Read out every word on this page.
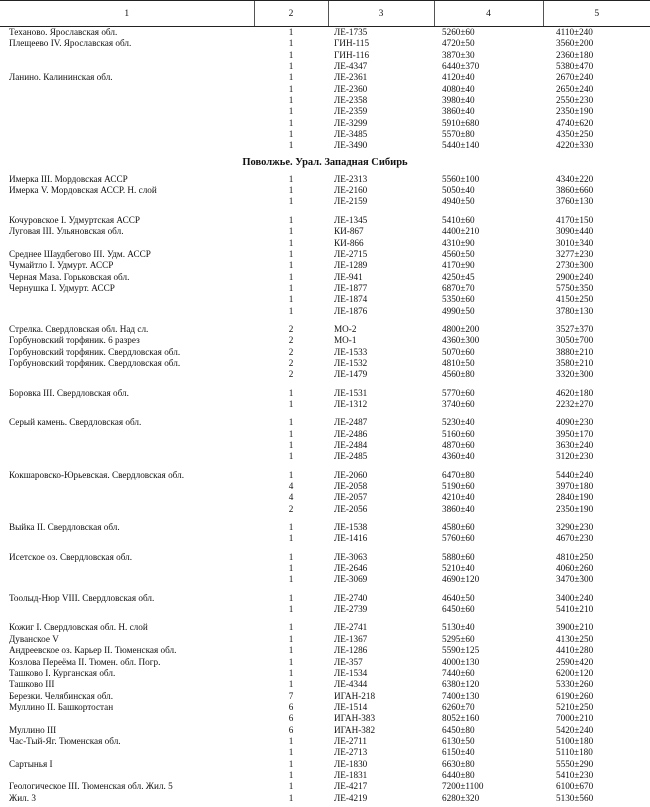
1	2	3	4	5
Теханово. Ярославская обл.	1	ЛЕ-1735	5260±60	4110±240
Плещеево IV. Ярославская обл.	1	ГИН-115	4720±50	3560±200
	1	ГИН-116	3870±30	2360±180
	1	ЛЕ-4347	6440±370	5380±470
Ланино. Калининская обл.	1	ЛЕ-2361	4120±40	2670±240
	1	ЛЕ-2360	4080±40	2650±240
	1	ЛЕ-2358	3980±40	2550±230
	1	ЛЕ-2359	3860±40	2350±190
	1	ЛЕ-3299	5910±680	4740±620
	1	ЛЕ-3485	5570±80	4350±250
	1	ЛЕ-3490	5440±140	4220±330
Поволжье. Урал. Западная Сибирь				
Имерка III. Мордовская АССР	1	ЛЕ-2313	5560±100	4340±220
Имерка V. Мордовская АССР. Н. слой	1	ЛЕ-2160	5050±40	3860±660
	1	ЛЕ-2159	4940±50	3760±130

Кочуровское I. Удмуртская АССР	1	ЛЕ-1345	5410±60	4170±150
Луговая III. Ульяновская обл.	1	КИ-867	4400±210	3090±440
	1	КИ-866	4310±90	3010±340
Среднее Шаудбегово III. Удм. АССР	1	ЛЕ-2715	4560±50	3277±230
Чумайтло I. Удмурт. АССР	1	ЛЕ-1289	4170±90	2730±300
Черная Маза. Горьковская обл.	1	ЛЕ-941	4250±45	2900±240
Чернушка I. Удмурт. АССР	1	ЛЕ-1877	6870±70	5750±350
	1	ЛЕ-1874	5350±60	4150±250
	1	ЛЕ-1876	4990±50	3780±130

Стрелка. Свердловская обл. Над сл.	2	МО-2	4800±200	3527±370
Горбуновский торфяник. 6 разрез	2	МО-1	4360±300	3050±700
Горбуновский торфяник. Свердловская обл.	2	ЛЕ-1533	5070±60	3880±210
Горбуновский торфяник. Свердловская обл.	2	ЛЕ-1532	4810±50	3580±210
	2	ЛЕ-1479	4560±80	3320±300

Боровка III. Свердловская обл.	1	ЛЕ-1531	5770±60	4620±180
	1	ЛЕ-1312	3740±60	2232±270

Серый камень. Свердловская обл.	1	ЛЕ-2487	5230±40	4090±230
	1	ЛЕ-2486	5160±60	3950±170
	1	ЛЕ-2484	4870±60	3630±240
	1	ЛЕ-2485	4360±40	3120±230

Кокшаровско-Юрьевская. Свердловская обл.	1	ЛЕ-2060	6470±80	5440±240
	4	ЛЕ-2058	5190±60	3970±180
	4	ЛЕ-2057	4210±40	2840±190
	2	ЛЕ-2056	3860±40	2350±190

Выйка II. Свердловская обл.	1	ЛЕ-1538	4580±60	3290±230
	1	ЛЕ-1416	5760±60	4670±230

Исетское оз. Свердловская обл.	1	ЛЕ-3063	5880±60	4810±250
	1	ЛЕ-2646	5210±40	4060±260
	1	ЛЕ-3069	4690±120	3470±300

Тоолыд-Нюр VIII. Свердловская обл.	1	ЛЕ-2740	4640±50	3400±240
	1	ЛЕ-2739	6450±60	5410±210

Кожиг I. Свердловская обл. Н. слой	1	ЛЕ-2741	5130±40	3900±210
Дуванское V	1	ЛЕ-1367	5295±60	4130±250
Андреевское оз. Карьер II. Тюменская обл.	1	ЛЕ-1286	5590±125	4410±280
Козлова Переёма II. Тюмен. обл. Погр.	1	ЛЕ-357	4000±130	2590±420
Ташково I. Курганская обл.	1	ЛЕ-1534	7440±60	6200±120
Ташково III	1	ЛЕ-4344	6380±120	5330±260
Березки. Челябинская обл.	7	ИГАН-218	7400±130	6190±260
Муллино II. Башкортостан	6	ЛЕ-1514	6260±70	5210±250
	6	ИГАН-383	8052±160	7000±210
Муллино III	6	ИГАН-382	6450±80	5420±240
Час-Тый-Яг. Тюменская обл.	1	ЛЕ-2711	6130±50	5100±180
	1	ЛЕ-2713	6150±40	5110±180
Сартынья I	1	ЛЕ-1830	6630±80	5550±290
	1	ЛЕ-1831	6440±80	5410±230
Геологическое III. Тюменская обл. Жил. 5	1	ЛЕ-4217	7200±1100	6100±670
Жил. 3	1	ЛЕ-4219	6280±320	5130±560
